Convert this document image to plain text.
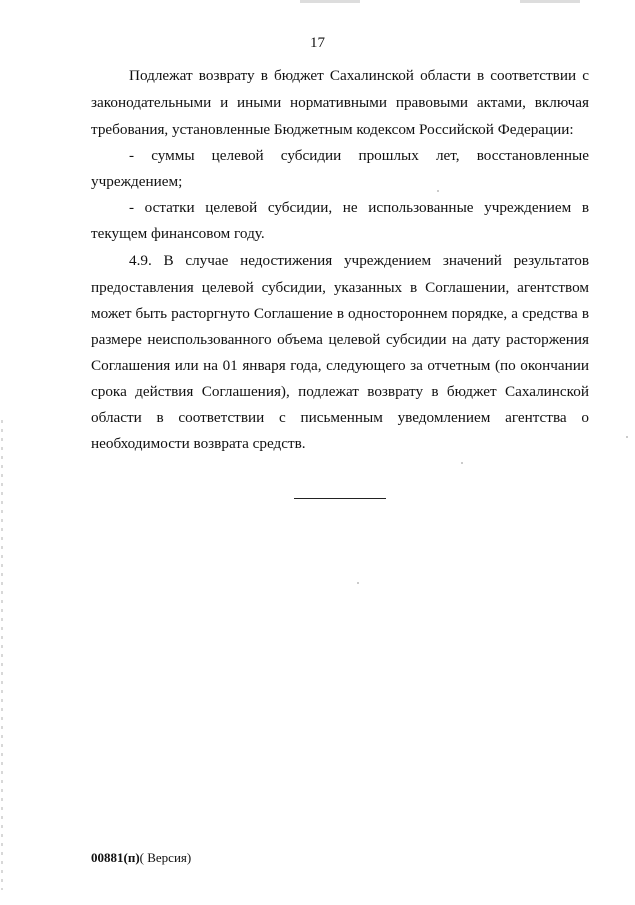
17
Подлежат возврату в бюджет Сахалинской области в соответствии с
законодательными и иными нормативными правовыми актами, включая
требования, установленные Бюджетным кодексом Российской Федерации:
- суммы целевой субсидии прошлых лет, восстановленные
учреждением;
- остатки целевой субсидии, не использованные учреждением в
текущем финансовом году.
4.9. В случае недостижения учреждением значений результатов
предоставления целевой субсидии, указанных в Соглашении, агентством
может быть расторгнуто Соглашение в одностороннем порядке, а средства в
размере неиспользованного объема целевой субсидии на дату расторжения
Соглашения или на 01 января года, следующего за отчетным (по окончании
срока действия Соглашения), подлежат возврату в бюджет Сахалинской
области в соответствии с письменным уведомлением агентства о
необходимости возврата средств.
00881(п)( Версия)
